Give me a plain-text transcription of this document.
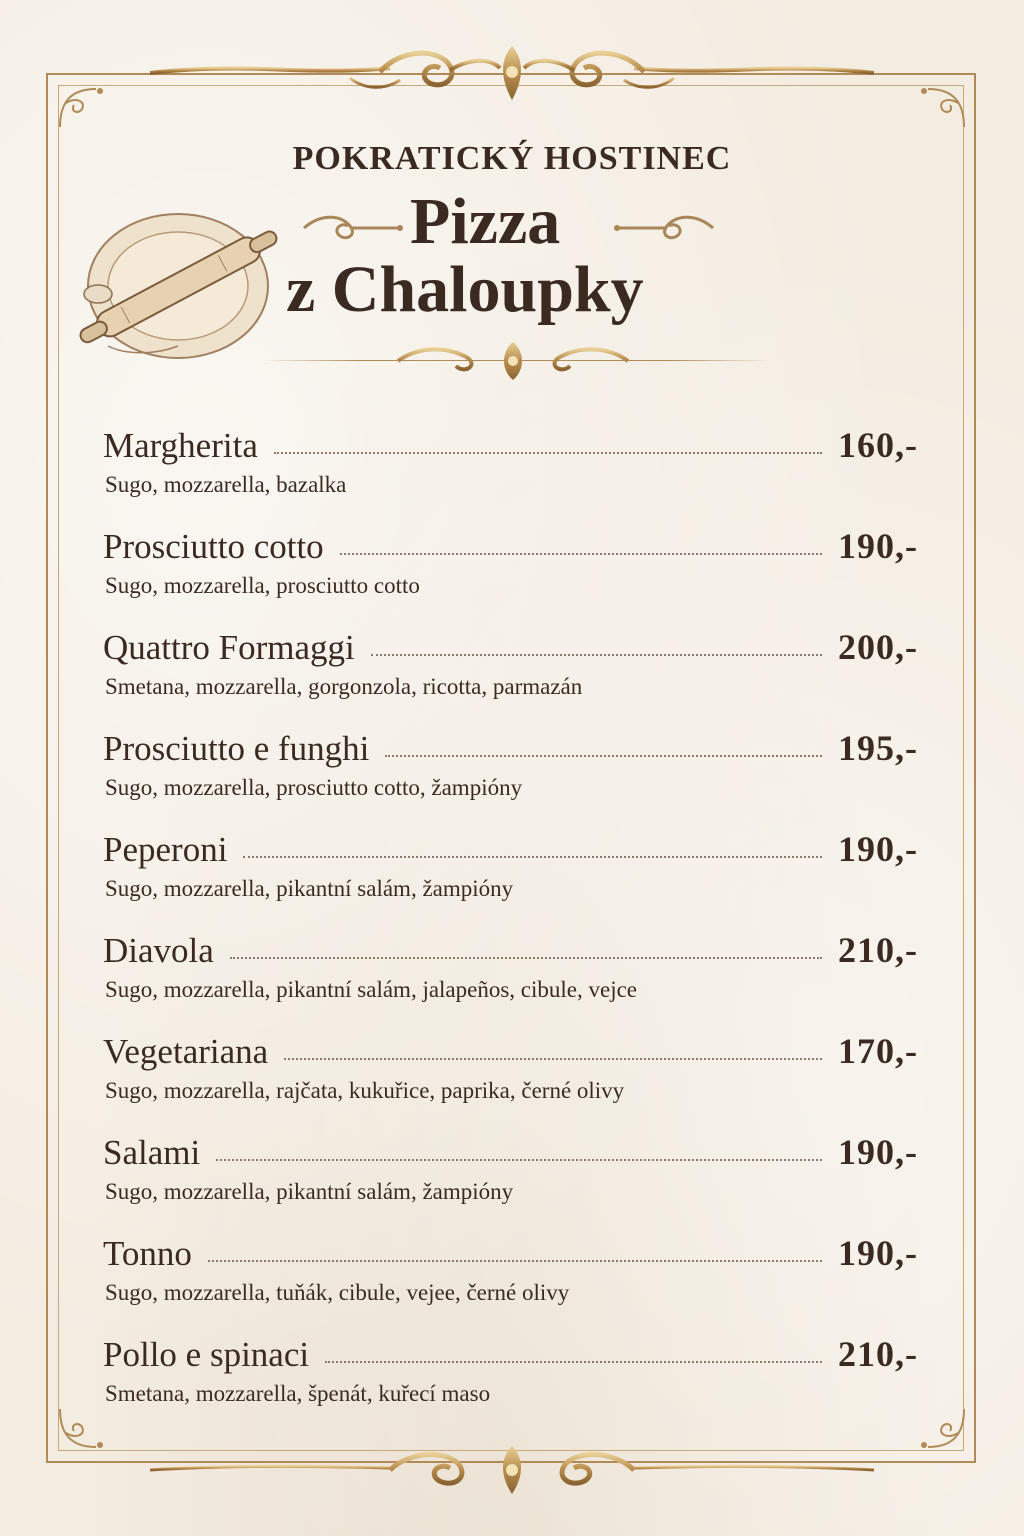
POKRATICKÝ HOSTINEC
Pizza
z Chaloupky
Margherita	160,-
Sugo, mozzarella, bazalka
Prosciutto cotto	190,-
Sugo, mozzarella, prosciutto cotto
Quattro Formaggi	200,-
Smetana, mozzarella, gorgonzola, ricotta, parmazán
Prosciutto e funghi	195,-
Sugo, mozzarella, prosciutto cotto, žampióny
Peperoni	190,-
Sugo, mozzarella, pikantní salám, žampióny
Diavola	210,-
Sugo, mozzarella, pikantní salám, jalapeños, cibule, vejce
Vegetariana	170,-
Sugo, mozzarella, rajčata, kukuřice, paprika, černé olivy
Salami	190,-
Sugo, mozzarella, pikantní salám, žampióny
Tonno	190,-
Sugo, mozzarella, tuňák, cibule, vejee, černé olivy
Pollo e spinaci	210,-
Smetana, mozzarella, špenát, kuřecí maso
